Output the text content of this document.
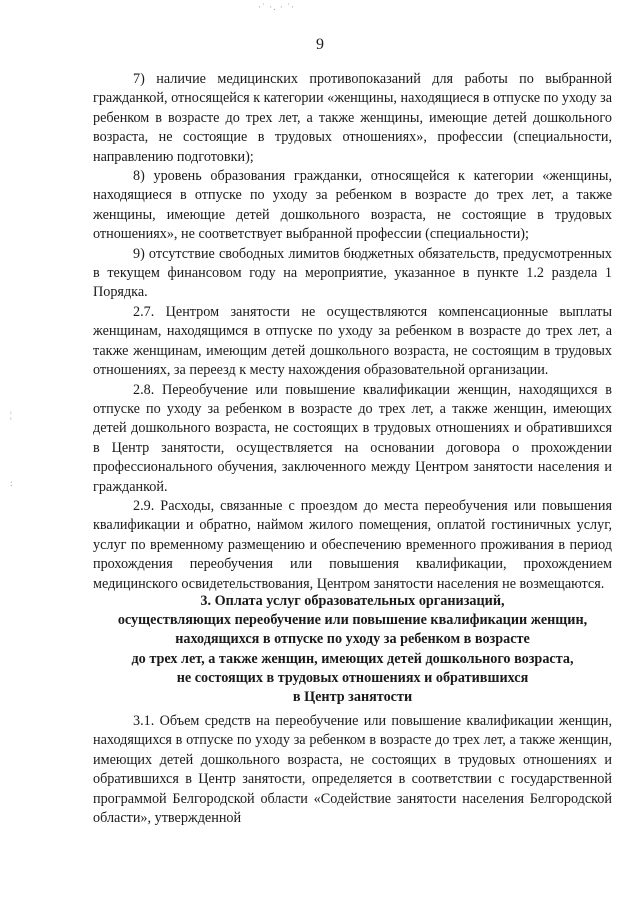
·˙ ·. · ˙·
¦
:
9

7) наличие медицинских противопоказаний для работы по выбранной гражданкой, относящейся к категории «женщины, находящиеся в отпуске по уходу за ребенком в возрасте до трех лет, а также женщины, имеющие детей дошкольного возраста, не состоящие в трудовых отношениях», профессии (специальности, направлению подготовки);

8) уровень образования гражданки, относящейся к категории «женщины, находящиеся в отпуске по уходу за ребенком в возрасте до трех лет, а также женщины, имеющие детей дошкольного возраста, не состоящие в трудовых отношениях», не соответствует выбранной профессии (специальности);

9) отсутствие свободных лимитов бюджетных обязательств, предусмотренных в текущем финансовом году на мероприятие, указанное в пункте 1.2 раздела 1 Порядка.

2.7. Центром занятости не осуществляются компенсационные выплаты женщинам, находящимся в отпуске по уходу за ребенком в возрасте до трех лет, а также женщинам, имеющим детей дошкольного возраста, не состоящим в трудовых отношениях, за переезд к месту нахождения образовательной организации.

2.8. Переобучение или повышение квалификации женщин, находящихся в отпуске по уходу за ребенком в возрасте до трех лет, а также женщин, имеющих детей дошкольного возраста, не состоящих в трудовых отношениях и обратившихся в Центр занятости, осуществляется на основании договора о прохождении профессионального обучения, заключенного между Центром занятости населения и гражданкой.

2.9. Расходы, связанные с проездом до места переобучения или повышения квалификации и обратно, наймом жилого помещения, оплатой гостиничных услуг, услуг по временному размещению и обеспечению временного проживания в период прохождения переобучения или повышения квалификации, прохождением медицинского освидетельствования, Центром занятости населения не возмещаются.

3. Оплата услуг образовательных организаций,
осуществляющих переобучение или повышение квалификации женщин,
находящихся в отпуске по уходу за ребенком в возрасте
до трех лет, а также женщин, имеющих детей дошкольного возраста,
не состоящих в трудовых отношениях и обратившихся
в Центр занятости

3.1. Объем средств на переобучение или повышение квалификации женщин, находящихся в отпуске по уходу за ребенком в возрасте до трех лет, а также женщин, имеющих детей дошкольного возраста, не состоящих в трудовых отношениях и обратившихся в Центр занятости, определяется в соответствии с государственной программой Белгородской области «Содействие занятости населения Белгородской области», утвержденной
